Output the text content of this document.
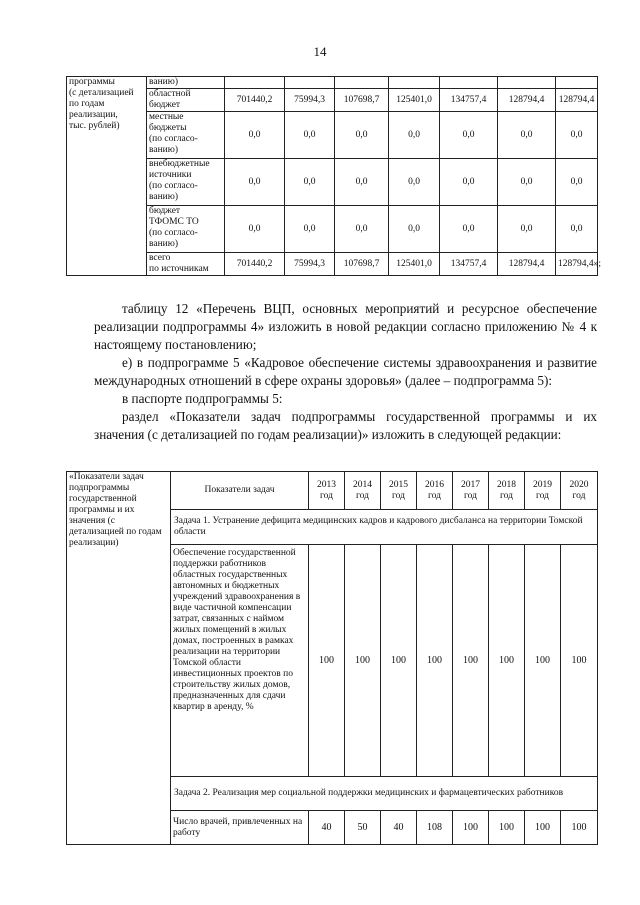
14
программы
(с детализацией
по годам
реализации,
тыс. рублей)	ванию)							

	областной
бюджет	701440,2	75994,3	107698,7	125401,0	134757,4	128794,4	128794,4

	местные
бюджеты
(по согласо-
ванию)	0,0	0,0	0,0	0,0	0,0	0,0	0,0

	внебюджетные
источники
(по согласо-
ванию)	0,0	0,0	0,0	0,0	0,0	0,0	0,0

	бюджет
ТФОМС ТО
(по согласо-
ванию)	0,0	0,0	0,0	0,0	0,0	0,0	0,0

	всего
по источникам	701440,2	75994,3	107698,7	125401,0	134757,4	128794,4	128794,4»;
таблицу 12 «Перечень ВЦП, основных мероприятий и ресурсное обеспечение реализации подпрограммы 4» изложить в новой редакции согласно приложению № 4 к настоящему постановлению;
е) в подпрограмме 5 «Кадровое обеспечение системы здравоохранения и развитие международных отношений в сфере охраны здоровья» (далее – подпрограмма 5):
в паспорте подпрограммы 5:
раздел «Показатели задач подпрограммы государственной программы и их значения (с детализацией по годам реализации)» изложить в следующей редакции:
«Показатели задач подпрограммы государственной программы и их значения (с детализацией по годам реализации)	Показатели задач	2013 год	2014 год	2015 год	2016 год	2017 год	2018 год	2019 год	2020 год
	Задача 1. Устранение дефицита медицинских кадров и кадрового дисбаланса на территории Томской области								
	Обеспечение государственной поддержки работников областных государственных автономных и бюджетных учреждений здравоохранения в виде частичной компенсации затрат, связанных с наймом жилых помещений в жилых домах, построенных в рамках реализации на территории Томской области инвестиционных проектов по строительству жилых домов, предназначенных для сдачи квартир в аренду, %	100	100	100	100	100	100	100	100
	Задача 2. Реализация мер социальной поддержки медицинских и фармацевтических работников								
	Число врачей, привлеченных на работу	40	50	40	108	100	100	100	100
